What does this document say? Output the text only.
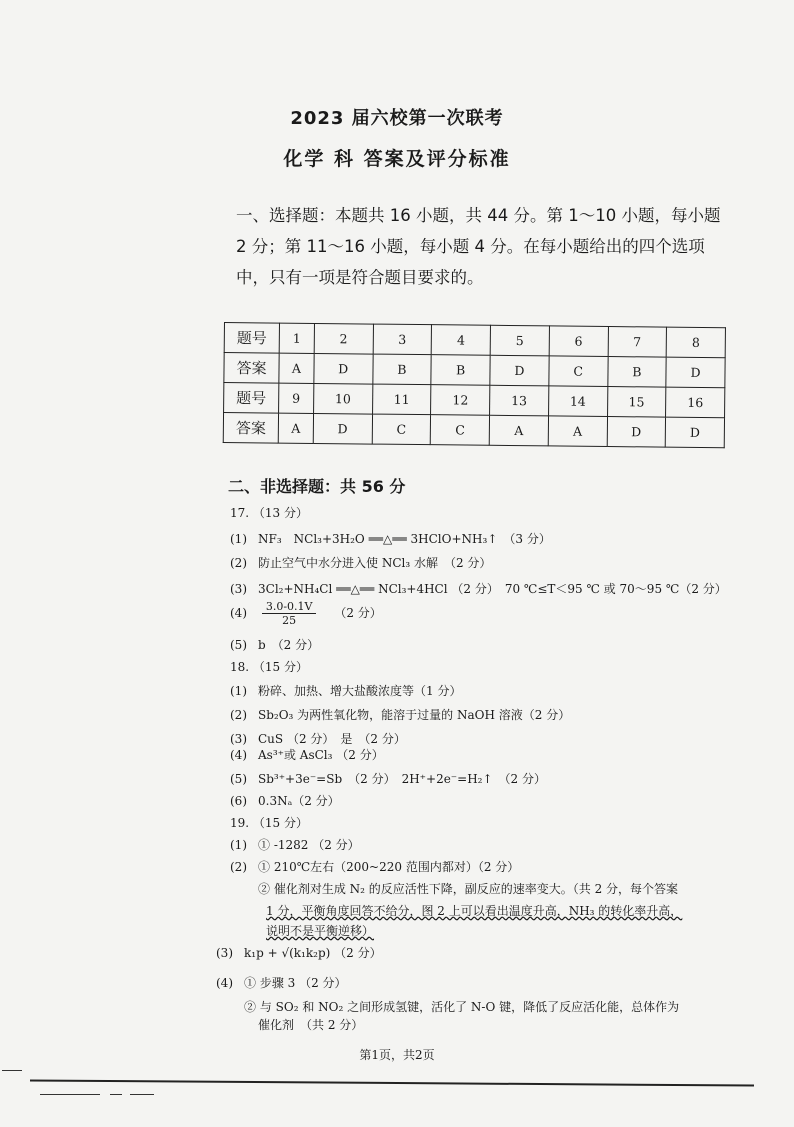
2023 届六校第一次联考
化学 科 答案及评分标准
一、选择题：本题共 16 小题，共 44 分。第 1～10 小题，每小题 2 分；第 11～16 小题，每小题 4 分。在每小题给出的四个选项中，只有一项是符合题目要求的。
题号	1	2	3	4	5	6	7	8
答案	A	D	B	B	D	C	B	D
题号	9	10	11	12	13	14	15	16
答案	A	D	C	C	A	A	D	D
二、非选择题：共 56 分
17. （13 分）
(1) NF₃　NCl₃+3H₂O ══△══ 3HClO+NH₃↑　（3 分）
(2) 防止空气中水分进入使 NCl₃ 水解　（2 分）
(3) 3Cl₂+NH₄Cl ══△══ NCl₃+4HCl （2 分）　70 ℃≤T＜95 ℃ 或 70～95 ℃（2 分）
$(4) \frac{3.0-0.1V}{25} (2$ 分）
(5) b　（2 分）
18. （15 分）
(1) 粉碎、加热、增大盐酸浓度等（1 分）
(2) Sb₂O₃ 为两性氧化物，能溶于过量的 NaOH 溶液（2 分）
(3) CuS （2 分）　是　（2 分）
(4) As³⁺或 AsCl₃ （2 分）
(5) Sb³⁺+3e⁻=Sb　（2 分）　2H⁺+2e⁻=H₂↑　（2 分）
(6) 0.3Nₐ（2 分）
19. （15 分）
(1) ① -1282 （2 分）
(2) ① 210℃左右（200~220 范围内都对）（2 分）
② 催化剂对生成 N₂ 的反应活性下降，副反应的速率变大。（共 2 分，每个答案
1 分，平衡角度回答不给分，图 2 上可以看出温度升高，NH₃ 的转化率升高，
说明不是平衡逆移）
(3) k₁p + √(k₁k₂p) （2 分）
(4) ① 步骤 3 （2 分）
② 与 SO₂ 和 NO₂ 之间形成氢键，活化了 N-O 键，降低了反应活化能，总体作为
催化剂　（共 2 分）
第1页，共2页
